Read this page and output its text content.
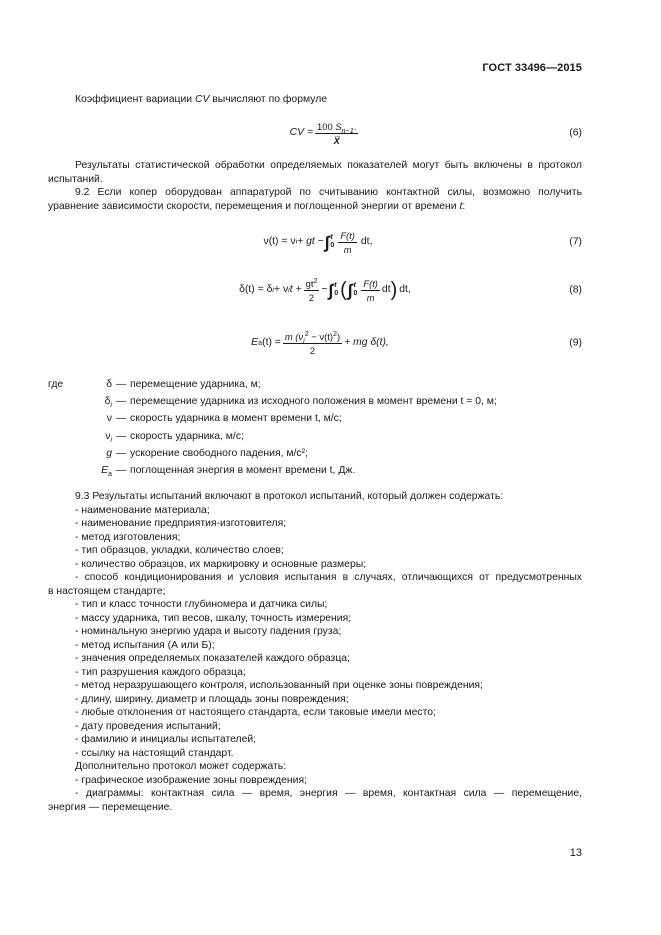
ГОСТ 33496—2015

Коэффициент вариации CV вычисляют по формуле

CV = $\frac{100 S_{n-1}.}{X̅}$	(6)

Результаты статистической обработки определяемых показателей могут быть включены в протокол испытаний.

9.2 Если копер оборудован аппаратурой по считыванию контактной силы, возможно получить уравнение зависимости скорости, перемещения и поглощенной энергии от времени t:

ν(t) = ν i + gt − ∫ t
$0 \frac{F(t)}{m}$ dt,	(7)
δ(t) = δ i + ν i $t + \frac{gt^2}{2}$ − ∫ t
0 ( ∫ t
$0 \frac{F(t)}{m}$ dt ) dt,	(8)
E a $(t) = \frac{m (\nu_i^2 - \nu(t)^2)}{2}$ + mg δ(t),	(9)
где	δ — перемещение ударника, м;
$\delta_i$ — перемещение ударника из исходного положения в момент времени t = 0, м;
ν — скорость ударника в момент времени t, м/с;
$\nu_i$ — скорость ударника, м/с;
g — ускорение свободного падения, м/с²;
$E_a$ — поглощенная энергия в момент времени t, Дж.

9.3 Результаты испытаний включают в протокол испытаний, который должен содержать:

- наименование материала;

- наименование предприятия-изготовителя;

- метод изготовления;

- тип образцов, укладки, количество слоев;

- количество образцов, их маркировку и основные размеры;

- способ кондиционирования и условия испытания в случаях, отличающихся от предусмотренных

в настоящем стандарте;

- тип и класс точности глубиномера и датчика силы;

- массу ударника, тип весов, шкалу, точность измерения;

- номинальную энергию удара и высоту падения груза;

- метод испытания (А или Б);

- значения определяемых показателей каждого образца;

- тип разрушения каждого образца;

- метод неразрушающего контроля, использованный при оценке зоны повреждения;

- длину, ширину, диаметр и площадь зоны повреждения;

- любые отклонения от настоящего стандарта, если таковые имели место;

- дату проведения испытаний;

- фамилию и инициалы испытателей;

- ссылку на настоящий стандарт.

Дополнительно протокол может содержать:

- графическое изображение зоны повреждения;

- диаграммы: контактная сила — время, энергия — время, контактная сила — перемещение,

энергия — перемещение.

13
